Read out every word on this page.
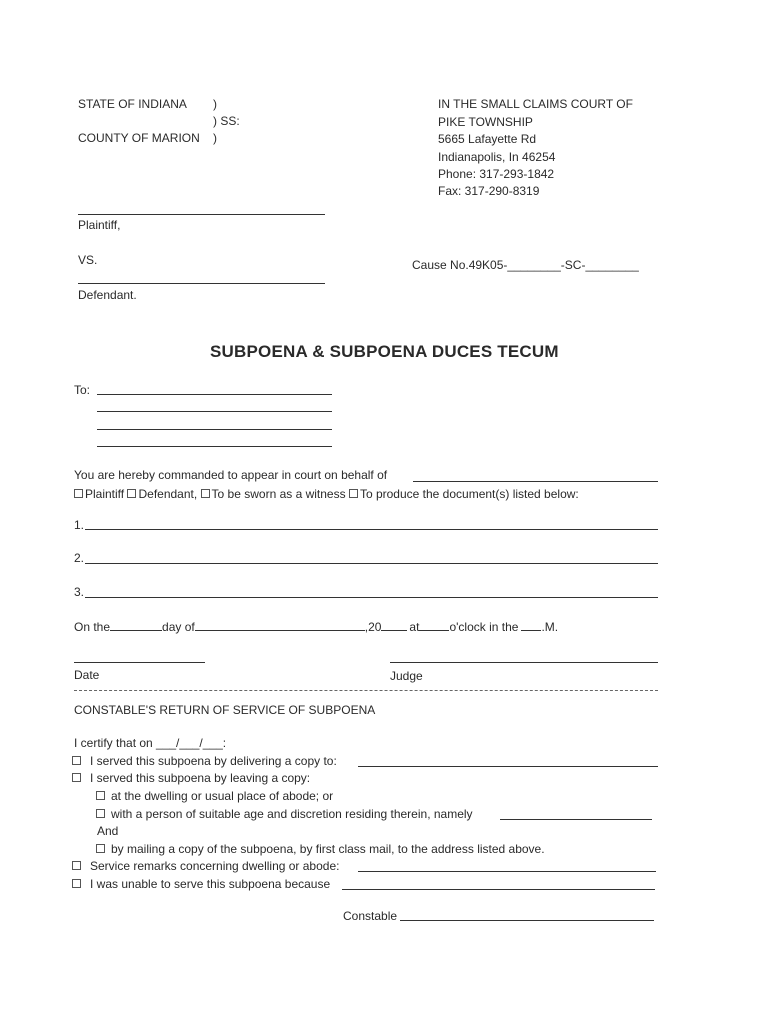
STATE OF INDIANA )
) SS:
COUNTY OF MARION )
IN THE SMALL CLAIMS COURT OF
PIKE TOWNSHIP
5665 Lafayette Rd
Indianapolis, In 46254
Phone: 317-293-1842
Fax: 317-290-8319
Plaintiff,
VS.	Cause No.49K05-________-SC-________
Defendant.
SUBPOENA & SUBPOENA DUCES TECUM
To:
You are hereby commanded to appear in court on behalf of
Plaintiff Defendant, To be sworn as a witness To produce the document(s) listed below:
1.
2.
3.
On the	day of	,20 at	o'clock in the .M.
Date	Judge
CONSTABLE'S RETURN OF SERVICE OF SUBPOENA
I certify that on ___/___/___:
I served this subpoena by delivering a copy to:
I served this subpoena by leaving a copy:
at the dwelling or usual place of abode; or
with a person of suitable age and discretion residing therein, namely
And
by mailing a copy of the subpoena, by first class mail, to the address listed above.
Service remarks concerning dwelling or abode:
I was unable to serve this subpoena because
Constable
